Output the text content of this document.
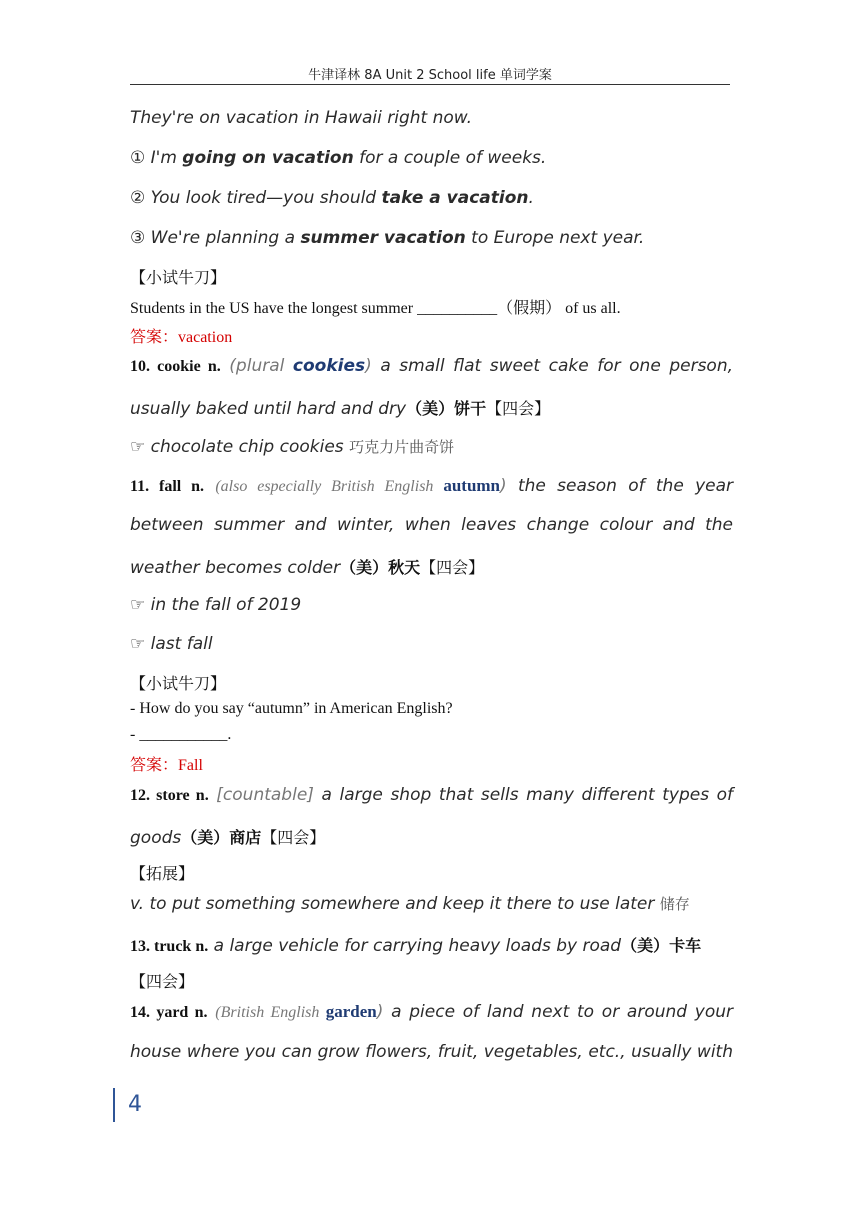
牛津译林 8A Unit 2 School life 单词学案
They're on vacation in Hawaii right now.
① I'm going on vacation for a couple of weeks.
② You look tired—you should take a vacation.
③ We're planning a summer vacation to Europe next year.
【小试牛刀】
Students in the US have the longest summer __________（假期） of us all.
答案：vacation
10. cookie n. (plural cookies) a small flat sweet cake for one person,
usually baked until hard and dry（美）饼干【四会】
☞ chocolate chip cookies 巧克力片曲奇饼
11. fall n. (also especially British English autumn) the season of the year
between summer and winter, when leaves change colour and the
weather becomes colder（美）秋天【四会】
☞ in the fall of 2019
☞ last fall
【小试牛刀】
- How do you say “autumn” in American English?
- ___________.
答案：Fall
12. store n. [countable] a large shop that sells many different types of
goods（美）商店【四会】
【拓展】
v. to put something somewhere and keep it there to use later 储存
13. truck n. a large vehicle for carrying heavy loads by road（美）卡车
【四会】
14. yard n. (British English garden) a piece of land next to or around your
house where you can grow flowers, fruit, vegetables, etc., usually with
4
